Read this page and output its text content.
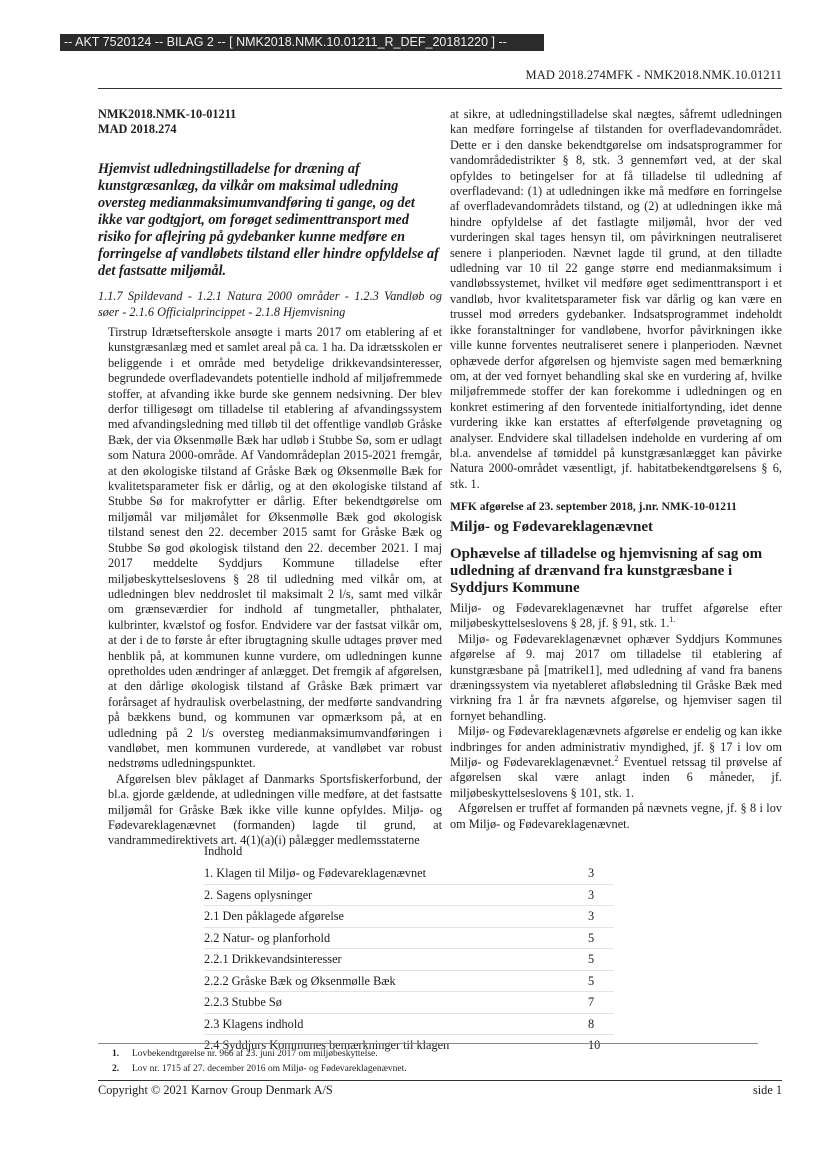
-- AKT 7520124 -- BILAG 2 -- [ NMK2018.NMK.10.01211_R_DEF_20181220 ] --
MAD 2018.274MFK - NMK2018.NMK.10.01211
NMK2018.NMK-10-01211
MAD 2018.274
Hjemvist udledningstilladelse for dræning af kunstgræsanlæg, da vilkår om maksimal udledning oversteg medianmaksimumvandføring ti gange, og det ikke var godtgjort, om forøget sedimenttransport med risiko for aflejring på gydebanker kunne medføre en forringelse af vandløbets tilstand eller hindre opfyldelse af det fastsatte miljømål.
1.1.7 Spildevand - 1.2.1 Natura 2000 områder - 1.2.3 Vandløb og søer - 2.1.6 Officialprincippet - 2.1.8 Hjemvisning

Tirstrup Idrætsefterskole ansøgte i marts 2017 om etablering af et kunstgræsanlæg med et samlet areal på ca. 1 ha. Da idrætsskolen er beliggende i et område med betydelige drikkevandsinteresser, begrundede overfladevandets potentielle indhold af miljøfremmede stoffer, at afvanding ikke burde ske gennem nedsivning. Der blev derfor tilligesøgt om tilladelse til etablering af afvandingssystem med afvandingsledning med tilløb til det offentlige vandløb Gråske Bæk, der via Øksenmølle Bæk har udløb i Stubbe Sø, som er udlagt som Natura 2000-område. Af Vandområdeplan 2015-2021 fremgår, at den økologiske tilstand af Gråske Bæk og Øksenmølle Bæk for kvalitetsparameter fisk er dårlig, og at den økologiske tilstand af Stubbe Sø for makrofytter er dårlig. Efter bekendtgørelse om miljømål var miljømålet for Øksenmølle Bæk god økologisk tilstand senest den 22. december 2015 samt for Gråske Bæk og Stubbe Sø god økologisk tilstand den 22. december 2021. I maj 2017 meddelte Syddjurs Kommune tilladelse efter miljøbeskyttelseslovens § 28 til udledning med vilkår om, at udledningen blev neddroslet til maksimalt 2 l/s, samt med vilkår om grænseværdier for indhold af tungmetaller, phthalater, kulbrinter, kvælstof og fosfor. Endvidere var der fastsat vilkår om, at der i de to første år efter ibrugtagning skulle udtages prøver med henblik på, at kommunen kunne vurdere, om udledningen kunne opretholdes uden ændringer af anlægget. Det fremgik af afgørelsen, at den dårlige økologisk tilstand af Gråske Bæk primært var forårsaget af hydraulisk overbelastning, der medførte sandvandring på bækkens bund, og kommunen var opmærksom på, at en udledning på 2 l/s oversteg medianmaksimumvandføringen i vandløbet, men kommunen vurderede, at vandløbet var robust nedstrøms udledningspunktet.

Afgørelsen blev påklaget af Danmarks Sportsfiskerforbund, der bl.a. gjorde gældende, at udledningen ville medføre, at det fastsatte miljømål for Gråske Bæk ikke ville kunne opfyldes. Miljø- og Fødevareklagenævnet (formanden) lagde til grund, at vandrammedirektivets art. 4(1)(a)(i) pålægger medlemsstaterne

at sikre, at udledningstilladelse skal nægtes, såfremt udledningen kan medføre forringelse af tilstanden for overfladevandområdet. Dette er i den danske bekendtgørelse om indsatsprogrammer for vandområdedistrikter § 8, stk. 3 gennemført ved, at der skal opfyldes to betingelser for at få tilladelse til udledning af overfladevand: (1) at udledningen ikke må medføre en forringelse af overfladevandområdets tilstand, og (2) at udledningen ikke må hindre opfyldelse af det fastlagte miljømål, hvor der ved vurderingen skal tages hensyn til, om påvirkningen neutraliseret senere i planperioden. Nævnet lagde til grund, at den tilladte udledning var 10 til 22 gange større end medianmaksimum i vandløbssystemet, hvilket vil medføre øget sedimenttransport i et vandløb, hvor kvalitetsparameter fisk var dårlig og kan være en trussel mod ørreders gydebanker. Indsatsprogrammet indeholdt ikke foranstaltninger for vandløbene, hvorfor påvirkningen ikke ville kunne forventes neutraliseret senere i planperioden. Nævnet ophævede derfor afgørelsen og hjemviste sagen med bemærkning om, at der ved fornyet behandling skal ske en vurdering af, hvilke miljøfremmede stoffer der kan forekomme i udledningen og en konkret estimering af den forventede initialfortynding, idet denne vurdering ikke kan erstattes af efterfølgende prøvetagning og analyser. Endvidere skal tilladelsen indeholde en vurdering af om bl.a. anvendelse af tømiddel på kunstgræsanlægget kan påvirke Natura 2000-området væsentligt, jf. habitatbekendtgørelsens § 6, stk. 1.

MFK afgørelse af 23. september 2018, j.nr. NMK-10-01211
Miljø- og Fødevareklagenævnet
Ophævelse af tilladelse og hjemvisning af sag om udledning af drænvand fra kunstgræsbane i Syddjurs Kommune

Miljø- og Fødevareklagenævnet har truffet afgørelse efter miljøbeskyttelseslovens § 28, jf. § 91, stk. 1.$^{1.}$

Miljø- og Fødevareklagenævnet ophæver Syddjurs Kommunes afgørelse af 9. maj 2017 om tilladelse til etablering af kunstgræsbane på [matrikel1], med udledning af vand fra banens dræningssystem via nyetableret afløbsledning til Gråske Bæk med virkning fra 1 år fra nævnets afgørelse, og hjemviser sagen til fornyet behandling.

Miljø- og Fødevareklagenævnets afgørelse er endelig og kan ikke indbringes for anden administrativ myndighed, jf. § 17 i lov om Miljø- og Fødevareklagenævnet.$^2$ Eventuel retssag til prøvelse af afgørelsen skal være anlagt inden 6 måneder, jf. miljøbeskyttelseslovens § 101, stk. 1.

Afgørelsen er truffet af formanden på nævnets vegne, jf. § 8 i lov om Miljø- og Fødevareklagenævnet.

Indhold
1. Klagen til Miljø- og Fødevareklagenævnet	3
2. Sagens oplysninger	3
2.1 Den påklagede afgørelse	3
2.2 Natur- og planforhold	5
2.2.1 Drikkevandsinteresser	5
2.2.2 Gråske Bæk og Øksenmølle Bæk	5
2.2.3 Stubbe Sø	7
2.3 Klagens indhold	8
2.4 Syddjurs Kommunes bemærkninger til klagen	10
1.	Lovbekendtgørelse nr. 966 af 23. juni 2017 om miljøbeskyttelse.
2.	Lov nr. 1715 af 27. december 2016 om Miljø- og Fødevareklagenævnet.
Copyright © 2021 Karnov Group Denmark A/S	side 1
